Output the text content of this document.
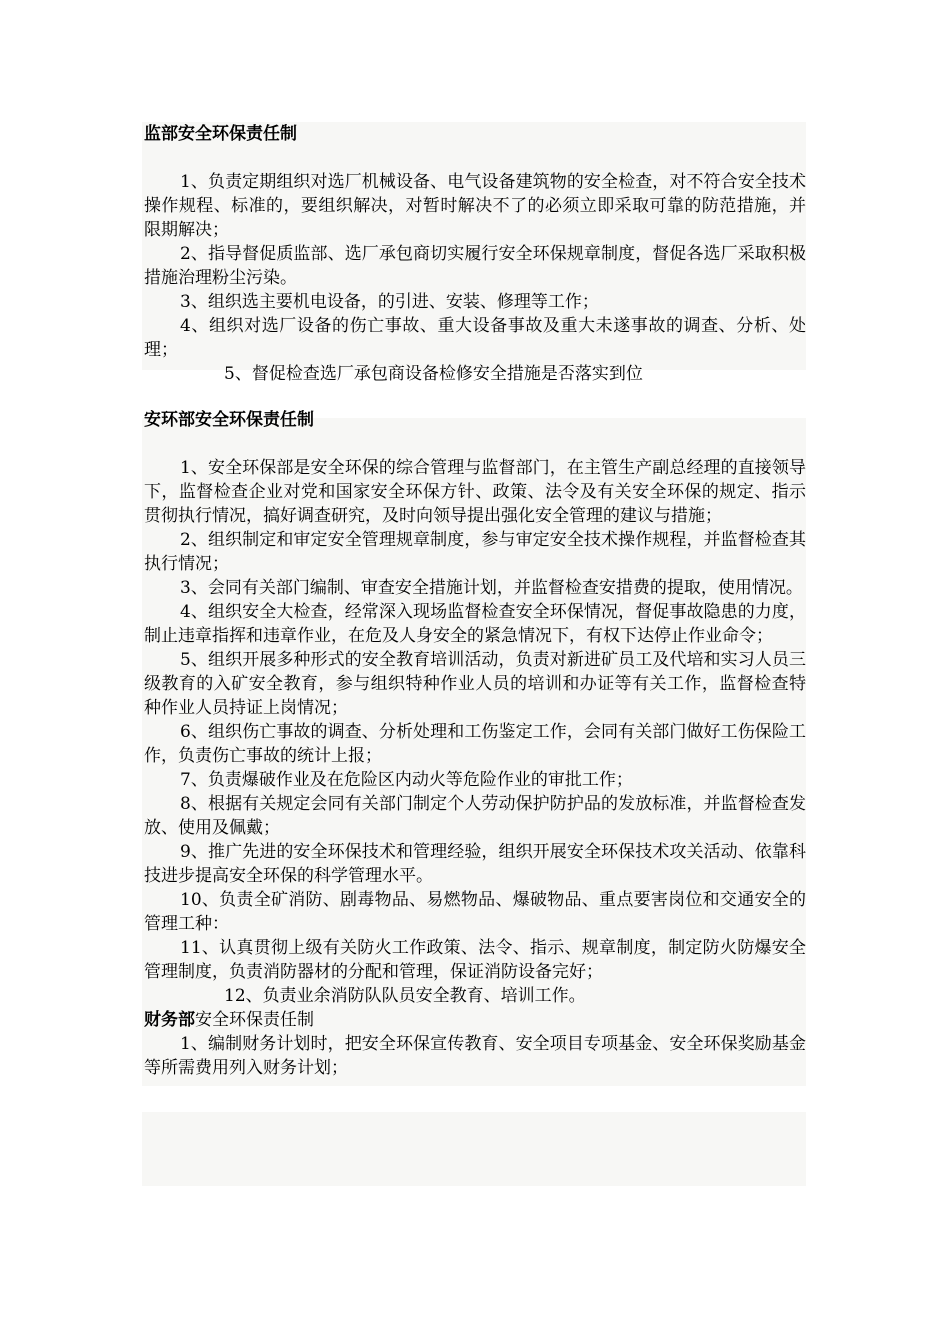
监部安全环保责任制

1、负责定期组织对选厂机械设备、电气设备建筑物的安全检查，对不符合安全技术操作规程、标准的，要组织解决，对暂时解决不了的必须立即采取可靠的防范措施，并限期解决；

2、指导督促质监部、选厂承包商切实履行安全环保规章制度，督促各选厂采取积极措施治理粉尘污染。

3、组织选主要机电设备，的引进、安装、修理等工作；

4、组织对选厂设备的伤亡事故、重大设备事故及重大未遂事故的调查、分析、处理；

5、督促检查选厂承包商设备检修安全措施是否落实到位

安环部安全环保责任制

1、安全环保部是安全环保的综合管理与监督部门，在主管生产副总经理的直接领导下，监督检查企业对党和国家安全环保方针、政策、法令及有关安全环保的规定、指示贯彻执行情况，搞好调查研究，及时向领导提出强化安全管理的建议与措施；

2、组织制定和审定安全管理规章制度，参与审定安全技术操作规程，并监督检查其执行情况；

3、会同有关部门编制、审查安全措施计划，并监督检查安措费的提取，使用情况。

4、组织安全大检查，经常深入现场监督检查安全环保情况，督促事故隐患的力度，制止违章指挥和违章作业，在危及人身安全的紧急情况下，有权下达停止作业命令；

5、组织开展多种形式的安全教育培训活动，负责对新进矿员工及代培和实习人员三级教育的入矿安全教育，参与组织特种作业人员的培训和办证等有关工作，监督检查特种作业人员持证上岗情况；

6、组织伤亡事故的调查、分析处理和工伤鉴定工作，会同有关部门做好工伤保险工作，负责伤亡事故的统计上报；

7、负责爆破作业及在危险区内动火等危险作业的审批工作；

8、根据有关规定会同有关部门制定个人劳动保护防护品的发放标准，并监督检查发放、使用及佩戴；

9、推广先进的安全环保技术和管理经验，组织开展安全环保技术攻关活动、依靠科技进步提高安全环保的科学管理水平。

10、负责全矿消防、剧毒物品、易燃物品、爆破物品、重点要害岗位和交通安全的管理工种：

11、认真贯彻上级有关防火工作政策、法令、指示、规章制度，制定防火防爆安全管理制度，负责消防器材的分配和管理，保证消防设备完好；

12、负责业余消防队队员安全教育、培训工作。

财务部安全环保责任制

1、编制财务计划时，把安全环保宣传教育、安全项目专项基金、安全环保奖励基金等所需费用列入财务计划；
